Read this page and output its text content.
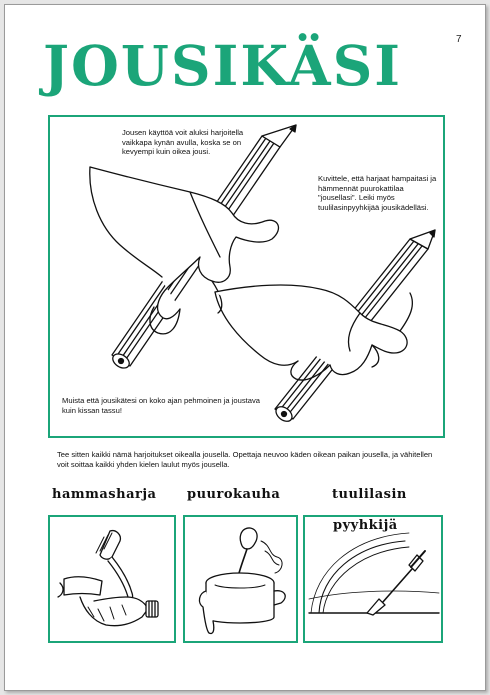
7
JOUSIKÄSI
Jousen käyttöä voit aluksi harjoitella vaikkapa kynän avulla, koska se on kevyempi kuin oikea jousi.
Kuvittele, että harjaat hampaitasi ja hämmennät puurokattilaa "jousellasi". Leiki myös tuulilasinpyyhkijää jousikädelläsi.
Muista että jousikätesi on koko ajan pehmoinen ja joustava kuin kissan tassu!
Tee sitten kaikki nämä harjoitukset oikealla jousella. Opettaja neuvoo käden oikean paikan jousella, ja vähitellen voit soittaa kaikki yhden kielen laulut myös jousella.
hammasharja puurokauha	tuulilasin
pyyhkijä
